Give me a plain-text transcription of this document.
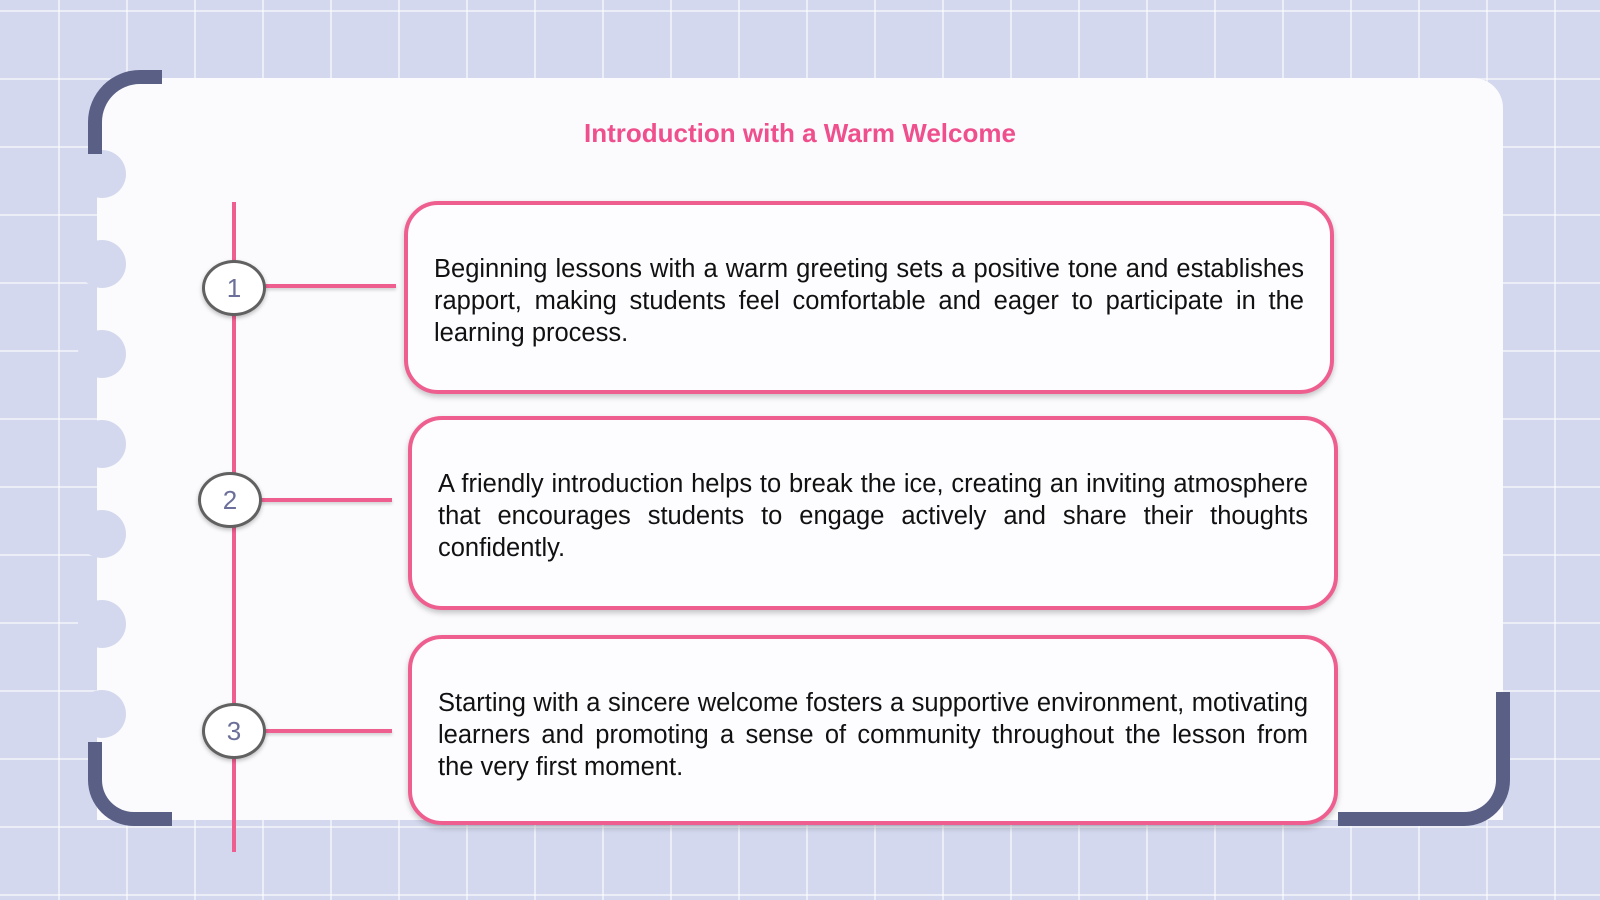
Introduction with a Warm Welcome
1
2
3

Beginning lessons with a warm greeting sets a positive tone and establishes rapport, making students feel comfortable and eager to participate in the learning process.

A friendly introduction helps to break the ice, creating an inviting atmosphere that encourages students to engage actively and share their thoughts confidently.

Starting with a sincere welcome fosters a supportive environment, motivating learners and promoting a sense of community throughout the lesson from the very first moment.
